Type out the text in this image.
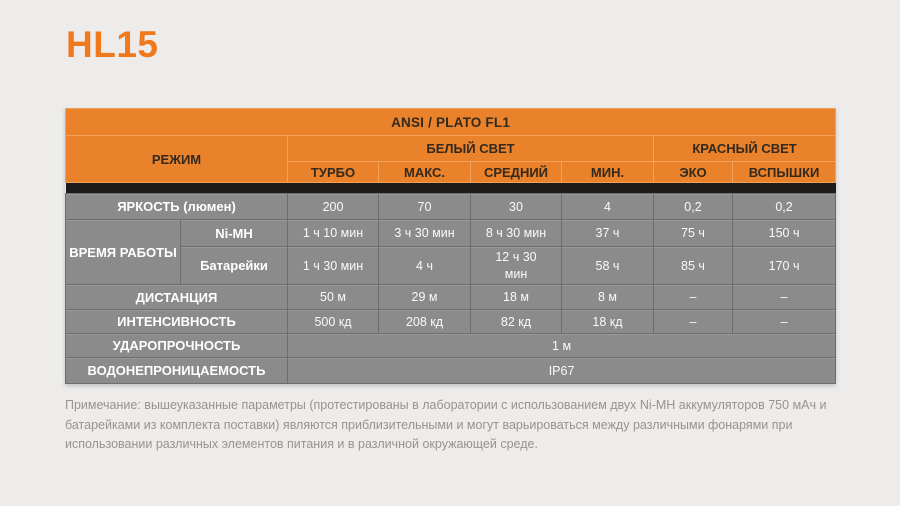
HL15
ANSI / PLATO FL1							
РЕЖИМ		БЕЛЫЙ СВЕТ				КРАСНЫЙ СВЕТ	
		ТУРБО	МАКС.	СРЕДНИЙ	МИН.	ЭКО	ВСПЫШКИ

ЯРКОСТЬ (люмен)		200	70	30	4	0,2	0,2
ВРЕМЯ РАБОТЫ	Ni-MH	1 ч 10 мин	3 ч 30 мин	8 ч 30 мин	37 ч	75 ч	150 ч
	Батарейки	1 ч 30 мин	4 ч	12 ч 30 мин	58 ч	85 ч	170 ч
ДИСТАНЦИЯ		50 м	29 м	18 м	8 м	–	–
ИНТЕНСИВНОСТЬ		500 кд	208 кд	82 кд	18 кд	–	–
УДАРОПРОЧНОСТЬ		1 м					
ВОДОНЕПРОНИЦАЕМОСТЬ		IP67					
Примечание: вышеуказанные параметры (протестированы в лаборатории с использованием двух Ni-MH аккумуляторов 750 мАч и батарейками из комплекта поставки) являются приблизительными и могут варьироваться между различными фонарями при использовании различных элементов питания и в различной окружающей среде.
